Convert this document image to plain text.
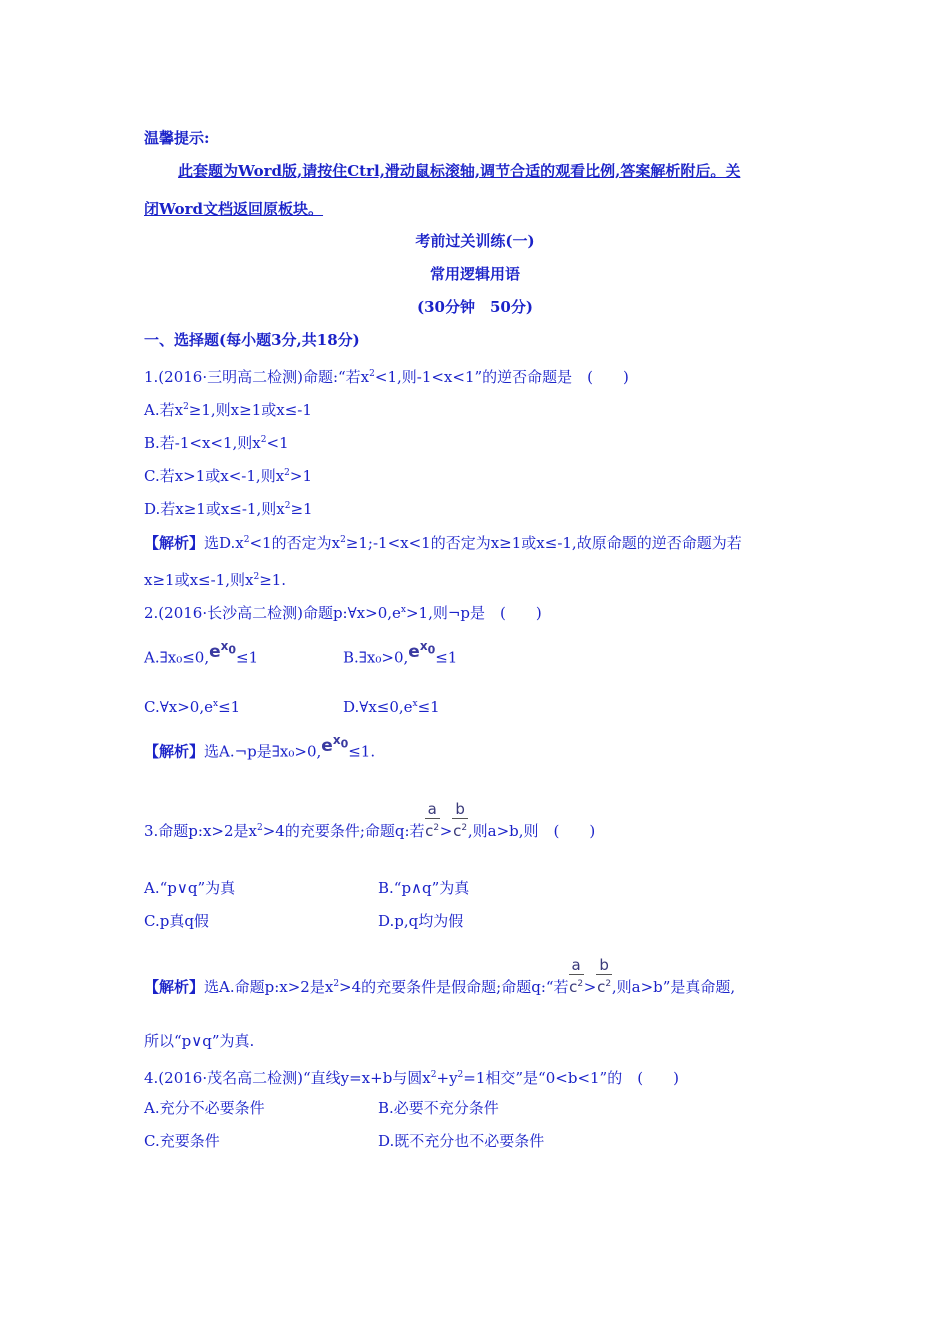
温馨提示:
此套题为Word版,请按住Ctrl,滑动鼠标滚轴,调节合适的观看比例,答案解析附后。关
闭Word文档返回原板块。
考前过关训练(一)
常用逻辑用语
(30分钟　50分)
一、选择题(每小题3分,共18分)
1.(2016·三明高二检测)命题:“若$x^2<1$,则-1<x<1”的逆否命题是　(　　)
A.若$x^2\ge 1$,则x≥1或x≤-1
B.若-1<x<1,则$x^2<1$
C.若x>1或x<-1,则$x^2>1$
D.若x≥1或x≤-1,则$x^2\ge 1$
【解析】选$D.x^2<1$的否定为$x^2\ge 1;-1<x<1$的否定为x≥1或x≤-1,故原命题的逆否命题为若
x≥1或x≤-1,则$x^2\ge 1$.
2.(2016·长沙高二检测)命题$p:\forall x>0,e^x>1$,则¬p是　(　　)
$A.\exists x_0\le 0,e^{x_0}\le 1$	$B.\exists x_0>0,e^{x_0}\le 1$
$C.\forall x>0,e^x\le 1$	$D.\forall x\le 0,e^x\le 1$
【解析】选A.¬p是$\exists x_0>0,e^{x_0}\le 1$.
3.命题p:x>2是$x^2>4$的充要条件;命题q:若 $\frac{a}{c^2} > \frac{b}{c^2}$ ,则a>b,则　(　　)
A.“p∨q”为真	B.“p∧q”为真
C.p真q假	D.p,q均为假
【解析】选A.命题p:x>2是$x^2>4$的充要条件是假命题;命题q:“若 $\frac{a}{c^2} > \frac{b}{c^2}$ ,则a>b”是真命题,
所以“p∨q”为真.
4.(2016·茂名高二检测)“直线y=x+b与圆$x^2+y^2=1$相交”是“0<b<1”的　(　　)
A.充分不必要条件	B.必要不充分条件
C.充要条件	D.既不充分也不必要条件
